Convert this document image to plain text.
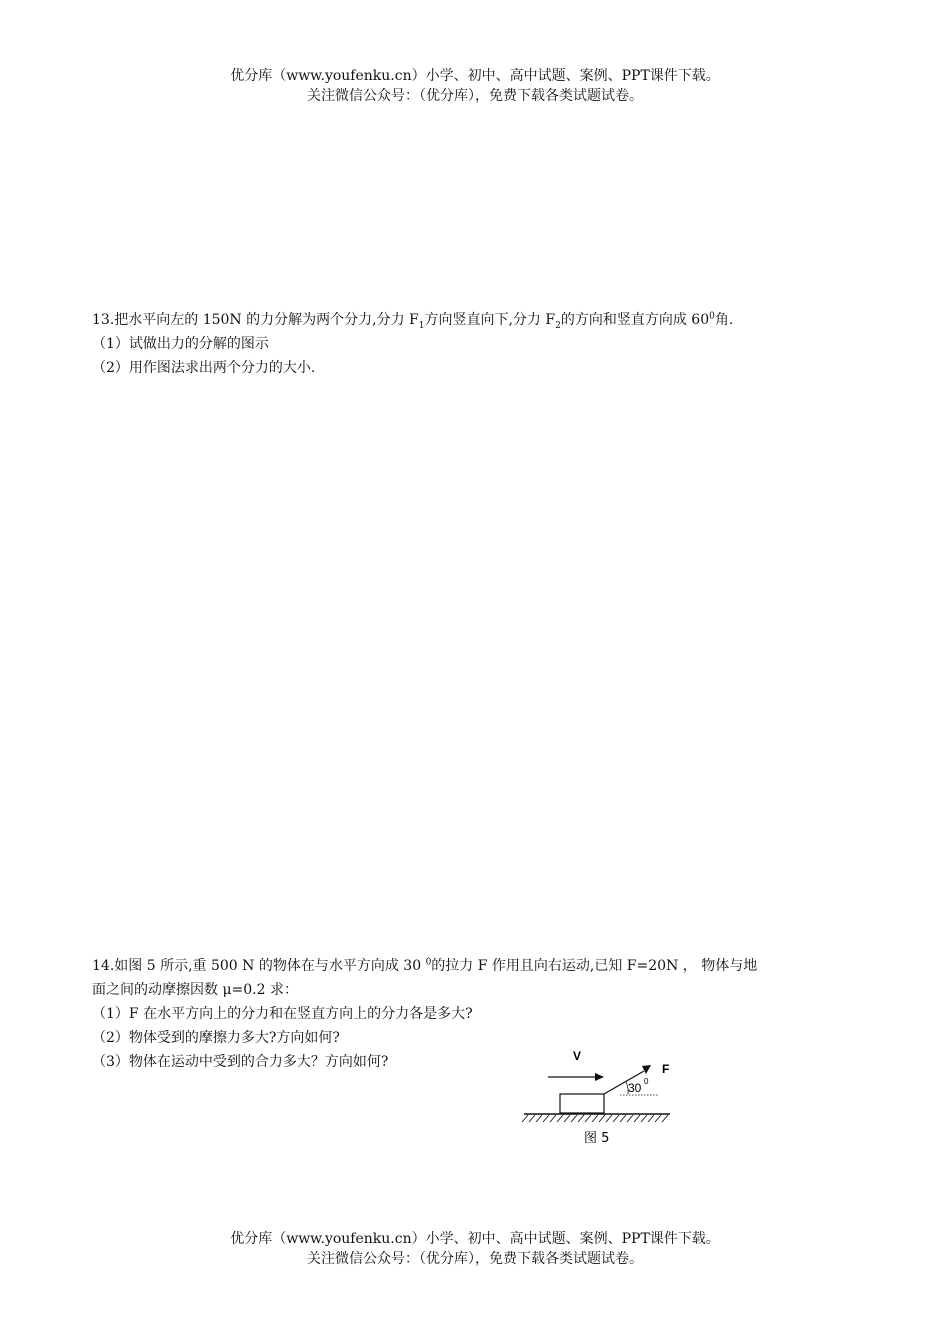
优分库（www.youfenku.cn）小学、初中、高中试题、案例、PPT课件下载。
关注微信公众号：（优分库），免费下载各类试题试卷。
13.把水平向左的 150N 的力分解为两个分力,分力 $F_1$方向竖直向下,分力 $F_2$的方向和竖直方向成 $60^0$角.
（1）试做出力的分解的图示
（2）用作图法求出两个分力的大小.
14.如图 5 所示,重 500 N 的物体在与水平方向成 30 $^0$的拉力 F 作用且向右运动,已知 F=20N ， 物体与地
面之间的动摩擦因数 μ=0.2 求：
（1）F 在水平方向上的分力和在竖直方向上的分力各是多大?
（2）物体受到的摩擦力多大?方向如何?
（3）物体在运动中受到的合力多大？方向如何?	V
F
30 0
图 5
优分库（www.youfenku.cn）小学、初中、高中试题、案例、PPT课件下载。
关注微信公众号：（优分库），免费下载各类试题试卷。
